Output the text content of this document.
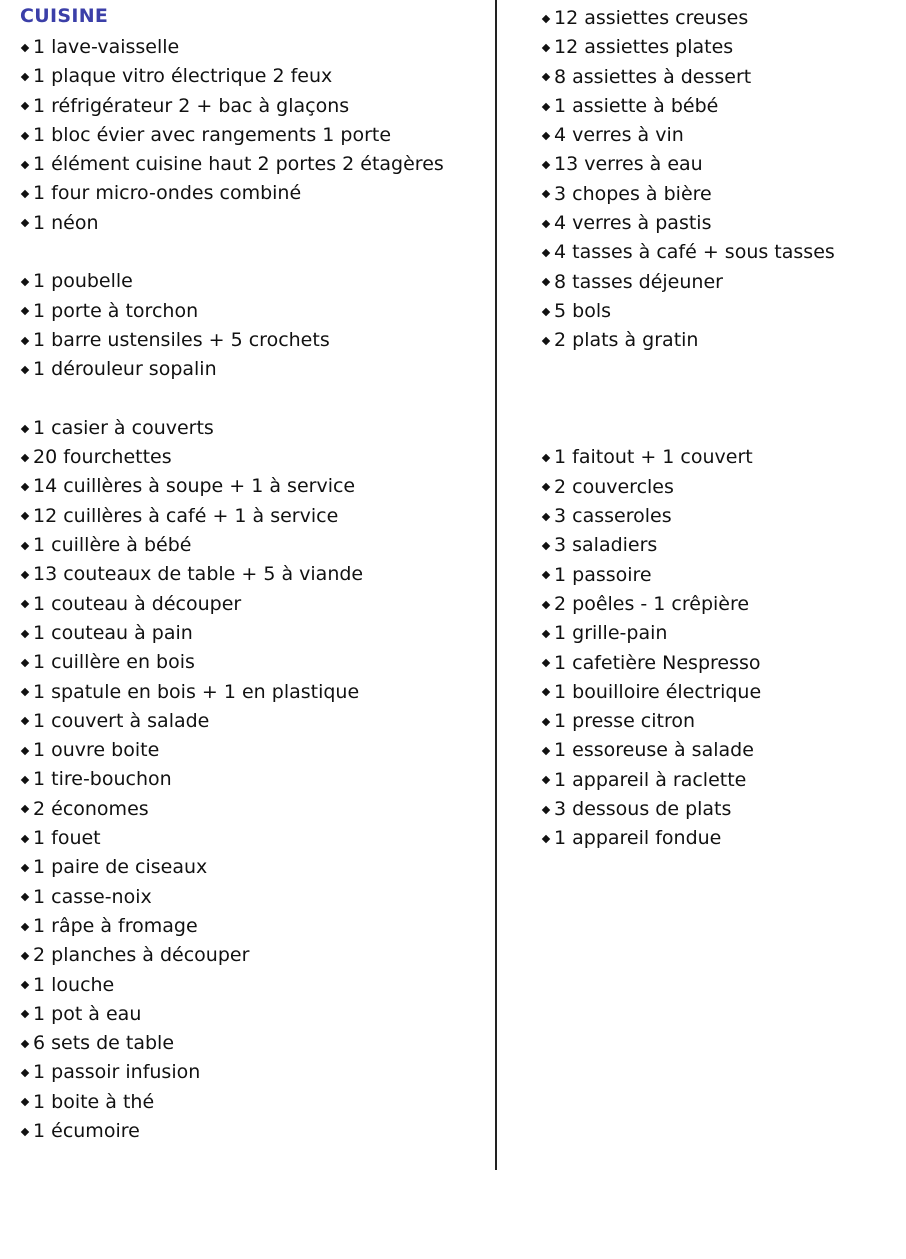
CUISINE
1 lave-vaisselle
1 plaque vitro électrique 2 feux
1 réfrigérateur 2 + bac à glaçons
1 bloc évier avec rangements 1 porte
1 élément cuisine haut 2 portes 2 étagères
1 four micro-ondes combiné
1 néon
1 poubelle
1 porte à torchon
1 barre ustensiles + 5 crochets
1 dérouleur sopalin
1 casier à couverts
20 fourchettes
14 cuillères à soupe + 1 à service
12 cuillères à café + 1 à service
1 cuillère à bébé
13 couteaux de table + 5 à viande
1 couteau à découper
1 couteau à pain
1 cuillère en bois
1 spatule en bois + 1 en plastique
1 couvert à salade
1 ouvre boite
1 tire-bouchon
2 économes
1 fouet
1 paire de ciseaux
1 casse-noix
1 râpe à fromage
2 planches à découper
1 louche
1 pot à eau
6 sets de table
1 passoir infusion
1 boite à thé
1 écumoire
12 assiettes creuses
12 assiettes plates
8 assiettes à dessert
1 assiette à bébé
4 verres à vin
13 verres à eau
3 chopes à bière
4 verres à pastis
4 tasses à café + sous tasses
8 tasses déjeuner
5 bols
2 plats à gratin
1 faitout + 1 couvert
2 couvercles
3 casseroles
3 saladiers
1 passoire
2 poêles - 1 crêpière
1 grille-pain
1 cafetière Nespresso
1 bouilloire électrique
1 presse citron
1 essoreuse à salade
1 appareil à raclette
3 dessous de plats
1 appareil fondue
